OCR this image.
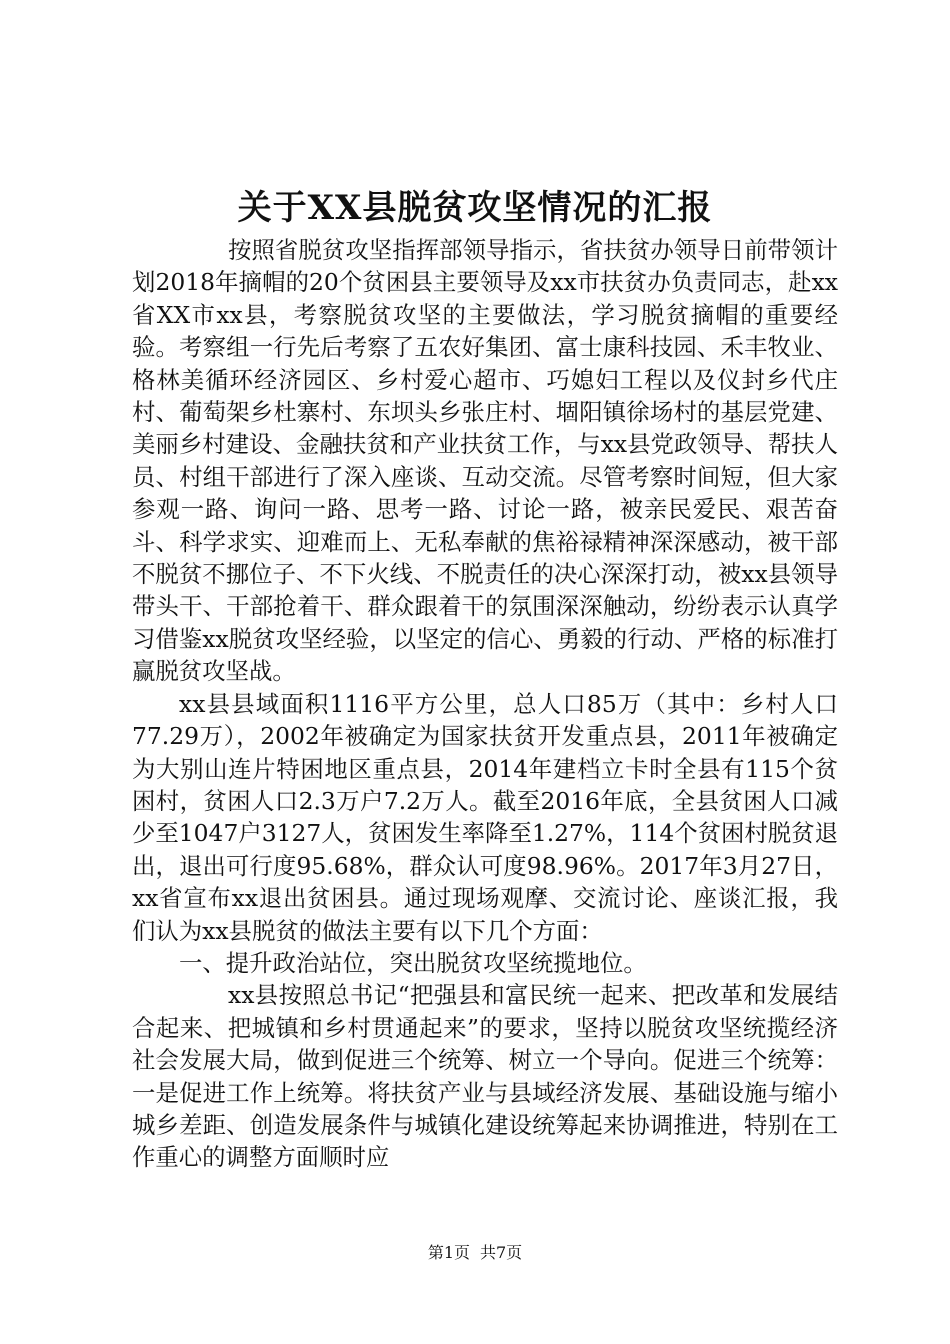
关于XX县脱贫攻坚情况的汇报

按照省脱贫攻坚指挥部领导指示，省扶贫办领导日前带领计划2018年摘帽的20个贫困县主要领导及xx市扶贫办负责同志，赴xx省XX市xx县，考察脱贫攻坚的主要做法，学习脱贫摘帽的重要经验。考察组一行先后考察了五农好集团、富士康科技园、禾丰牧业、格林美循环经济园区、乡村爱心超市、巧媳妇工程以及仪封乡代庄村、葡萄架乡杜寨村、东坝头乡张庄村、堌阳镇徐场村的基层党建、美丽乡村建设、金融扶贫和产业扶贫工作，与xx县党政领导、帮扶人员、村组干部进行了深入座谈、互动交流。尽管考察时间短，但大家参观一路、询问一路、思考一路、讨论一路，被亲民爱民、艰苦奋斗、科学求实、迎难而上、无私奉献的焦裕禄精神深深感动，被干部不脱贫不挪位子、不下火线、不脱责任的决心深深打动，被xx县领导带头干、干部抢着干、群众跟着干的氛围深深触动，纷纷表示认真学习借鉴xx脱贫攻坚经验，以坚定的信心、勇毅的行动、严格的标准打赢脱贫攻坚战。

xx县县域面积1116平方公里，总人口85万（其中：乡村人口77.29万），2002年被确定为国家扶贫开发重点县，2011年被确定为大别山连片特困地区重点县，2014年建档立卡时全县有115个贫困村，贫困人口2.3万户7.2万人。截至2016年底，全县贫困人口减少至1047户3127人，贫困发生率降至1.27%，114个贫困村脱贫退出，退出可行度95.68%，群众认可度98.96%。2017年3月27日，xx省宣布xx退出贫困县。通过现场观摩、交流讨论、座谈汇报，我们认为xx县脱贫的做法主要有以下几个方面：

一、提升政治站位，突出脱贫攻坚统揽地位。

xx县按照总书记“把强县和富民统一起来、把改革和发展结合起来、把城镇和乡村贯通起来”的要求，坚持以脱贫攻坚统揽经济社会发展大局，做到促进三个统筹、树立一个导向。促进三个统筹：一是促进工作上统筹。将扶贫产业与县域经济发展、基础设施与缩小城乡差距、创造发展条件与城镇化建设统筹起来协调推进，特别在工作重心的调整方面顺时应

第1页 共7页
